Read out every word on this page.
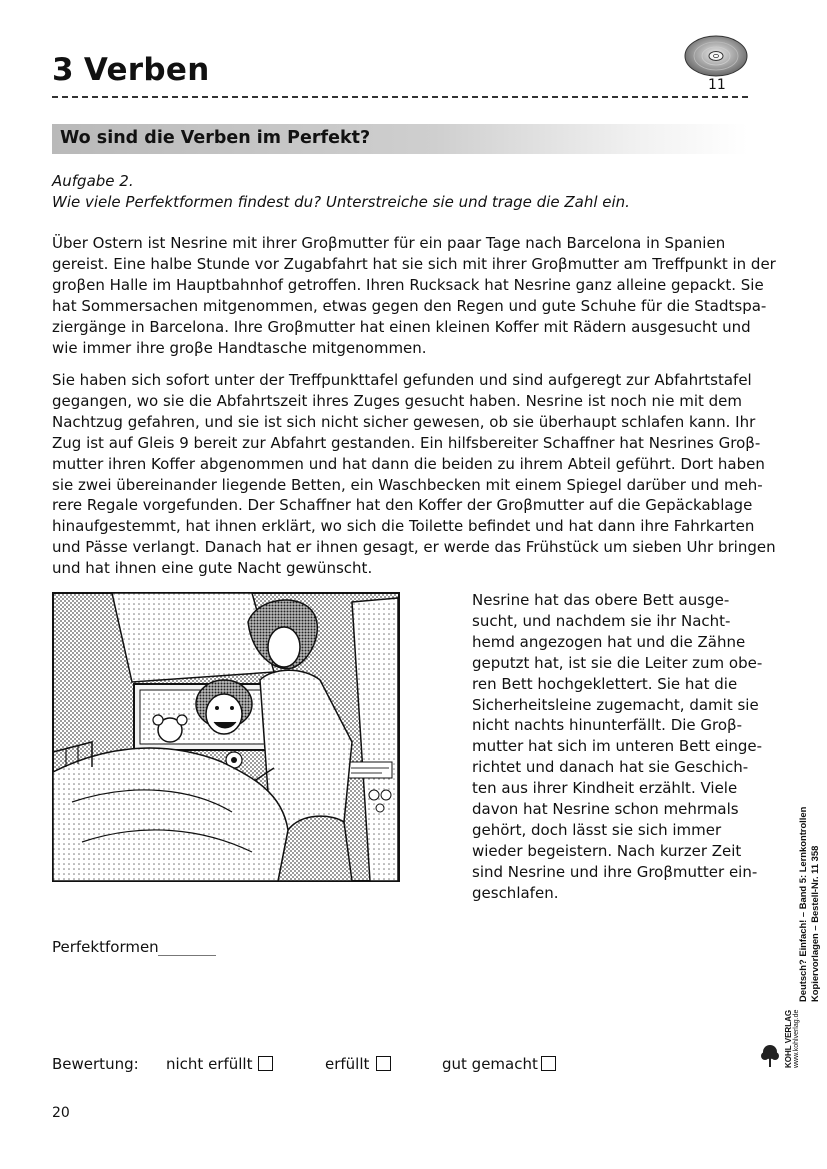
3 Verben	11
Wo sind die Verben im Perfekt?
Aufgabe 2.
Wie viele Perfektformen findest du? Unterstreiche sie und trage die Zahl ein.
Über Ostern ist Nesrine mit ihrer Groβmutter für ein paar Tage nach Barcelona in Spanien
gereist. Eine halbe Stunde vor Zugabfahrt hat sie sich mit ihrer Groβmutter am Treffpunkt in der
groβen Halle im Hauptbahnhof getroffen. Ihren Rucksack hat Nesrine ganz alleine gepackt. Sie
hat Sommersachen mitgenommen, etwas gegen den Regen und gute Schuhe für die Stadtspa-
ziergänge in Barcelona. Ihre Groβmutter hat einen kleinen Koffer mit Rädern ausgesucht und
wie immer ihre groβe Handtasche mitgenommen.
Sie haben sich sofort unter der Treffpunkttafel gefunden und sind aufgeregt zur Abfahrtstafel
gegangen, wo sie die Abfahrtszeit ihres Zuges gesucht haben. Nesrine ist noch nie mit dem
Nachtzug gefahren, und sie ist sich nicht sicher gewesen, ob sie überhaupt schlafen kann. Ihr
Zug ist auf Gleis 9 bereit zur Abfahrt gestanden. Ein hilfsbereiter Schaffner hat Nesrines Groβ-
mutter ihren Koffer abgenommen und hat dann die beiden zu ihrem Abteil geführt. Dort haben
sie zwei übereinander liegende Betten, ein Waschbecken mit einem Spiegel darüber und meh-
rere Regale vorgefunden. Der Schaffner hat den Koffer der Groβmutter auf die Gepäckablage
hinaufgestemmt, hat ihnen erklärt, wo sich die Toilette befindet und hat dann ihre Fahrkarten
und Pässe verlangt. Danach hat er ihnen gesagt, er werde das Frühstück um sieben Uhr bringen
und hat ihnen eine gute Nacht gewünscht.
Nesrine hat das obere Bett ausge-
sucht, und nachdem sie ihr Nacht-
hemd angezogen hat und die Zähne
geputzt hat, ist sie die Leiter zum obe-
ren Bett hochgeklettert. Sie hat die
Sicherheitsleine zugemacht, damit sie
nicht nachts hinunterfällt. Die Groβ-
mutter hat sich im unteren Bett einge-
richtet und danach hat sie Geschich-
ten aus ihrer Kindheit erzählt. Viele
davon hat Nesrine schon mehrmals
gehört, doch lässt sie sich immer
wieder begeistern. Nach kurzer Zeit
sind Nesrine und ihre Groβmutter ein-
geschlafen.
Perfektformen
Bewertung: nicht erfüllt	erfüllt	gut gemacht
20
Deutsch? Einfach! – Band 5: Lernkontrollen Kopiervorlagen – Bestell-Nr. 11 358
KOHL VERLAG www.kohlverlag.de
